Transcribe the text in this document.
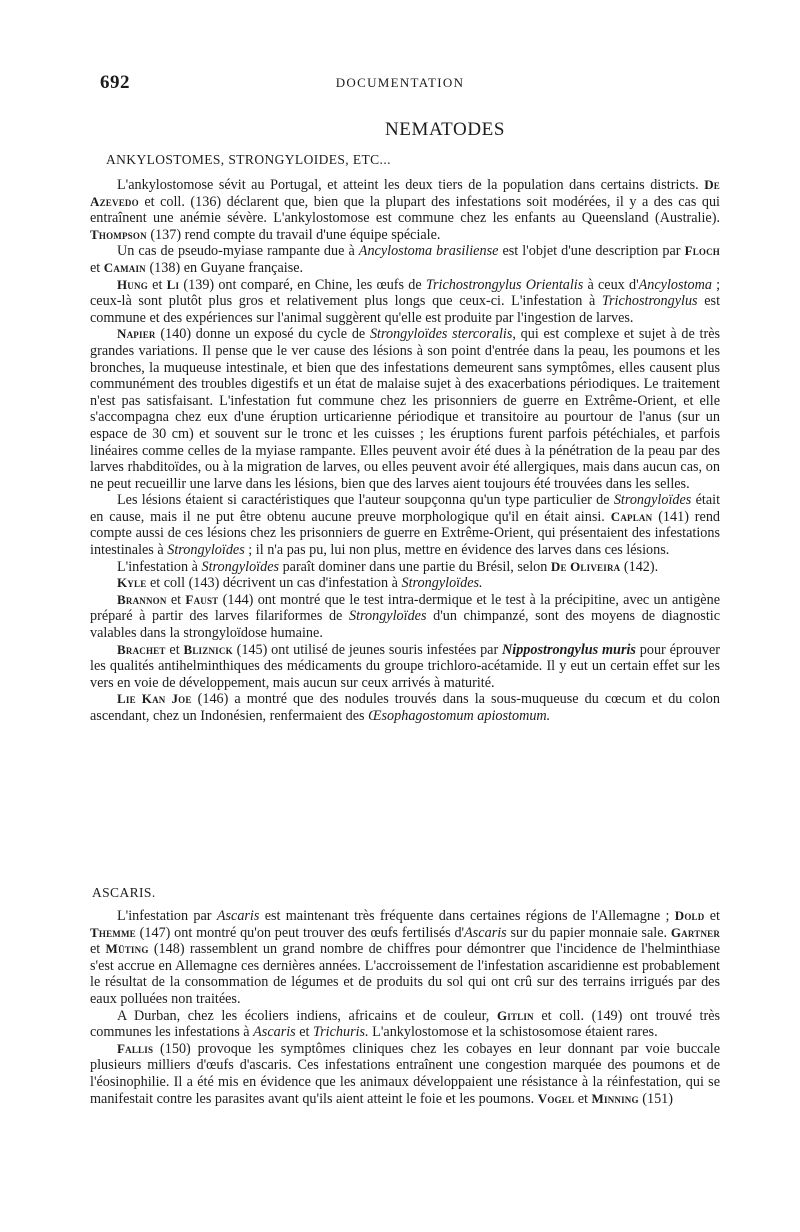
692	DOCUMENTATION
NEMATODES
ANKYLOSTOMES, STRONGYLOIDES, ETC...

L'ankylostomose sévit au Portugal, et atteint les deux tiers de la population dans certains districts. De Azevedo et coll. (136) déclarent que, bien que la plupart des infestations soit modérées, il y a des cas qui entraînent une anémie sévère. L'ankylostomose est commune chez les enfants au Queensland (Australie). Thompson (137) rend compte du travail d'une équipe spéciale.

Un cas de pseudo-myiase rampante due à Ancylostoma brasiliense est l'objet d'une description par Floch et Camain (138) en Guyane française.

Hung et Li (139) ont comparé, en Chine, les œufs de Trichostrongylus Orientalis à ceux d'Ancylostoma ; ceux-là sont plutôt plus gros et relativement plus longs que ceux-ci. L'infestation à Trichostrongylus est commune et des expériences sur l'animal suggèrent qu'elle est produite par l'ingestion de larves.

Napier (140) donne un exposé du cycle de Strongyloïdes stercoralis, qui est complexe et sujet à de très grandes variations. Il pense que le ver cause des lésions à son point d'entrée dans la peau, les poumons et les bronches, la muqueuse intestinale, et bien que des infestations demeurent sans symptômes, elles causent plus communément des troubles digestifs et un état de malaise sujet à des exacerbations périodiques. Le traitement n'est pas satisfaisant. L'infestation fut commune chez les prisonniers de guerre en Extrême-Orient, et elle s'accompagna chez eux d'une éruption urticarienne périodique et transitoire au pourtour de l'anus (sur un espace de 30 cm) et souvent sur le tronc et les cuisses ; les éruptions furent parfois pétéchiales, et parfois linéaires comme celles de la myiase rampante. Elles peuvent avoir été dues à la pénétration de la peau par des larves rhabditoïdes, ou à la migration de larves, ou elles peuvent avoir été allergiques, mais dans aucun cas, on ne peut recueillir une larve dans les lésions, bien que des larves aient toujours été trouvées dans les selles.

Les lésions étaient si caractéristiques que l'auteur soupçonna qu'un type particulier de Strongyloïdes était en cause, mais il ne put être obtenu aucune preuve morphologique qu'il en était ainsi. Caplan (141) rend compte aussi de ces lésions chez les prisonniers de guerre en Extrême-Orient, qui présentaient des infestations intestinales à Strongyloïdes ; il n'a pas pu, lui non plus, mettre en évidence des larves dans ces lésions.

L'infestation à Strongyloïdes paraît dominer dans une partie du Brésil, selon De Oliveira (142).

Kyle et coll (143) décrivent un cas d'infestation à Strongyloïdes.

Brannon et Faust (144) ont montré que le test intra-dermique et le test à la précipitine, avec un antigène préparé à partir des larves filariformes de Strongyloïdes d'un chimpanzé, sont des moyens de diagnostic valables dans la strongyloïdose humaine.

Brachet et Bliznick (145) ont utilisé de jeunes souris infestées par Nippostrongylus muris pour éprouver les qualités antihelminthiques des médicaments du groupe trichloro-acétamide. Il y eut un certain effet sur les vers en voie de développement, mais aucun sur ceux arrivés à maturité.

Lie Kan Joe (146) a montré que des nodules trouvés dans la sous-muqueuse du cœcum et du colon ascendant, chez un Indonésien, renfermaient des Œsophagostomum apiostomum.

ASCARIS.

L'infestation par Ascaris est maintenant très fréquente dans certaines régions de l'Allemagne ; Dold et Themme (147) ont montré qu'on peut trouver des œufs fertilisés d'Ascaris sur du papier monnaie sale. Gartner et Müting (148) rassemblent un grand nombre de chiffres pour démontrer que l'incidence de l'helminthiase s'est accrue en Allemagne ces dernières années. L'accroissement de l'infestation ascaridienne est probablement le résultat de la consommation de légumes et de produits du sol qui ont crû sur des terrains irrigués par des eaux polluées non traitées.

A Durban, chez les écoliers indiens, africains et de couleur, Gitlin et coll. (149) ont trouvé très communes les infestations à Ascaris et Trichuris. L'ankylostomose et la schistosomose étaient rares.

Fallis (150) provoque les symptômes cliniques chez les cobayes en leur donnant par voie buccale plusieurs milliers d'œufs d'ascaris. Ces infestations entraînent une congestion marquée des poumons et de l'éosinophilie. Il a été mis en évidence que les animaux développaient une résistance à la réinfestation, qui se manifestait contre les parasites avant qu'ils aient atteint le foie et les poumons. Vogel et Minning (151)
